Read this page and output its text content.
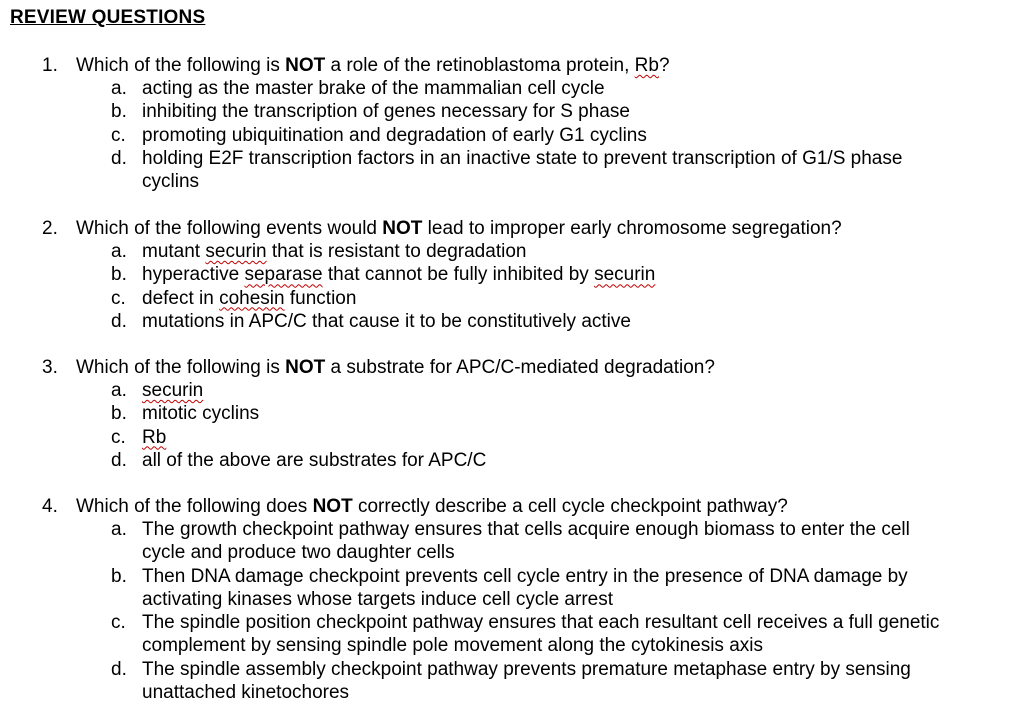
REVIEW QUESTIONS
1. Which of the following is NOT a role of the retinoblastoma protein, Rb?
a. acting as the master brake of the mammalian cell cycle
b. inhibiting the transcription of genes necessary for S phase
c. promoting ubiquitination and degradation of early G1 cyclins
d. holding E2F transcription factors in an inactive state to prevent transcription of G1/S phase
cyclins
2. Which of the following events would NOT lead to improper early chromosome segregation?
a. mutant securin that is resistant to degradation
b. hyperactive separase that cannot be fully inhibited by securin
c. defect in cohesin function
d. mutations in APC/C that cause it to be constitutively active
3. Which of the following is NOT a substrate for APC/C-mediated degradation?
a. securin
b. mitotic cyclins
c. Rb
d. all of the above are substrates for APC/C
4. Which of the following does NOT correctly describe a cell cycle checkpoint pathway?
a. The growth checkpoint pathway ensures that cells acquire enough biomass to enter the cell
cycle and produce two daughter cells
b. Then DNA damage checkpoint prevents cell cycle entry in the presence of DNA damage by
activating kinases whose targets induce cell cycle arrest
c. The spindle position checkpoint pathway ensures that each resultant cell receives a full genetic
complement by sensing spindle pole movement along the cytokinesis axis
d. The spindle assembly checkpoint pathway prevents premature metaphase entry by sensing
unattached kinetochores
